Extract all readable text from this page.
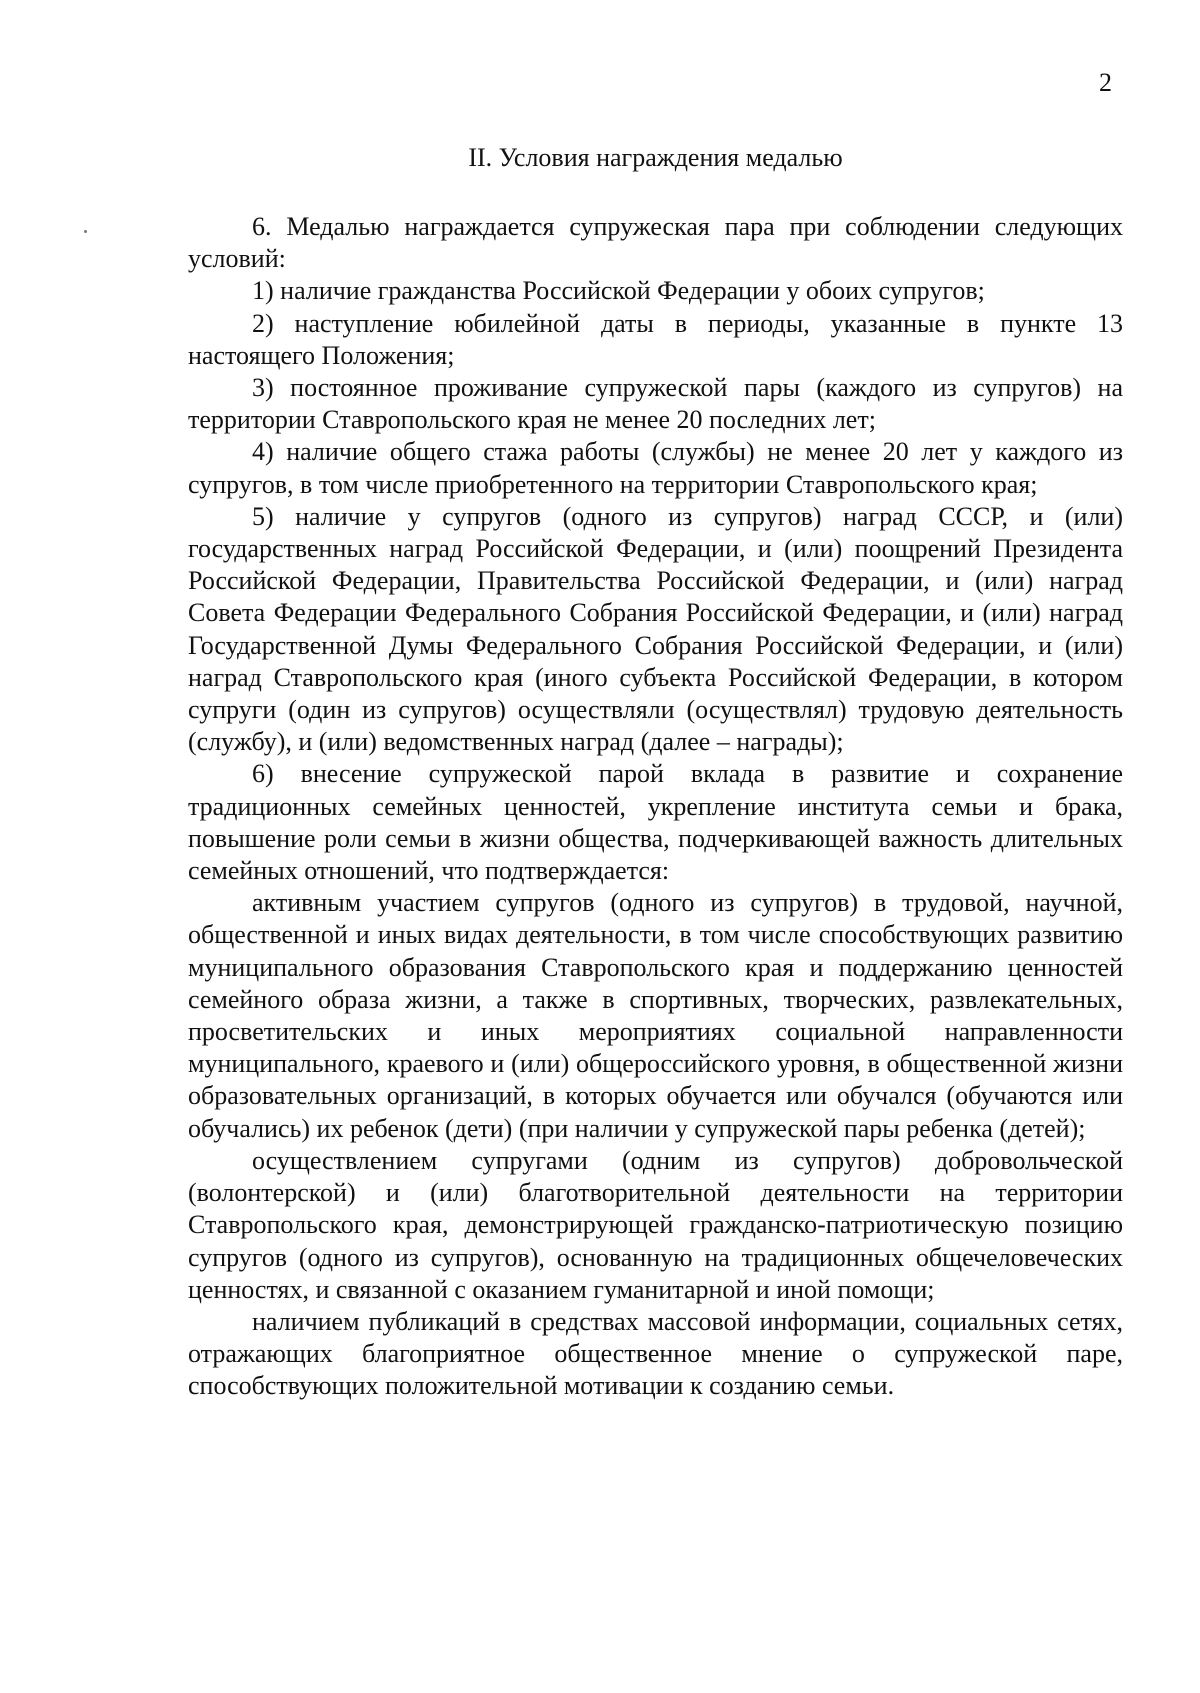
2
II. Условия награждения медалью

6. Медалью награждается супружеская пара при соблюдении следующих условий:

1) наличие гражданства Российской Федерации у обоих супругов;

2) наступление юбилейной даты в периоды, указанные в пункте 13 настоящего Положения;

3) постоянное проживание супружеской пары (каждого из супругов) на территории Ставропольского края не менее 20 последних лет;

4) наличие общего стажа работы (службы) не менее 20 лет у каждого из супругов, в том числе приобретенного на территории Ставропольского края;

5) наличие у супругов (одного из супругов) наград СССР, и (или) государственных наград Российской Федерации, и (или) поощрений Президента Российской Федерации, Правительства Российской Федерации, и (или) наград Совета Федерации Федерального Собрания Российской Федерации, и (или) наград Государственной Думы Федерального Собрания Российской Федерации, и (или) наград Ставропольского края (иного субъекта Российской Федерации, в котором супруги (один из супругов) осуществляли (осуществлял) трудовую деятельность (службу), и (или) ведомственных наград (далее – награды);

6) внесение супружеской парой вклада в развитие и сохранение традиционных семейных ценностей, укрепление института семьи и брака, повышение роли семьи в жизни общества, подчеркивающей важность длительных семейных отношений, что подтверждается:

активным участием супругов (одного из супругов) в трудовой, научной, общественной и иных видах деятельности, в том числе способствующих развитию муниципального образования Ставропольского края и поддержанию ценностей семейного образа жизни, а также в спортивных, творческих, развлекательных, просветительских и иных мероприятиях социальной направленности муниципального, краевого и (или) общероссийского уровня, в общественной жизни образовательных организаций, в которых обучается или обучался (обучаются или обучались) их ребенок (дети) (при наличии у супружеской пары ребенка (детей);

осуществлением супругами (одним из супругов) добровольческой (волонтерской) и (или) благотворительной деятельности на территории Ставропольского края, демонстрирующей гражданско-патриотическую позицию супругов (одного из супругов), основанную на традиционных общечеловеческих ценностях, и связанной с оказанием гуманитарной и иной помощи;

наличием публикаций в средствах массовой информации, социальных сетях, отражающих благоприятное общественное мнение о супружеской паре, способствующих положительной мотивации к созданию семьи.
